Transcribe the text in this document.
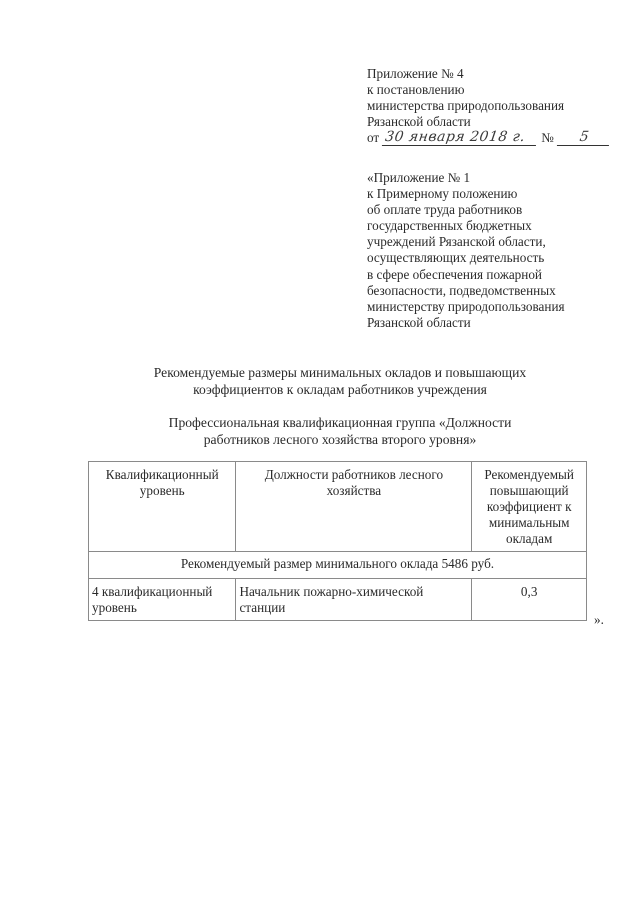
Приложение № 4
к постановлению
министерства природопользования
Рязанской области
от 30 января 2018 г.	№	5
«Приложение № 1
к Примерному положению
об оплате труда работников
государственных бюджетных
учреждений Рязанской области,
осуществляющих деятельность
в сфере обеспечения пожарной
безопасности, подведомственных
министерству природопользования
Рязанской области
Рекомендуемые размеры минимальных окладов и повышающих
коэффициентов к окладам работников учреждения
Профессиональная квалификационная группа «Должности
работников лесного хозяйства второго уровня»
Квалификационный уровень	Должности работников лесного хозяйства	Рекомендуемый повышающий коэффициент к минимальным окладам
Рекомендуемый размер минимального оклада 5486 руб.		
4 квалификационный уровень	Начальник пожарно-химической станции	0,3
».
